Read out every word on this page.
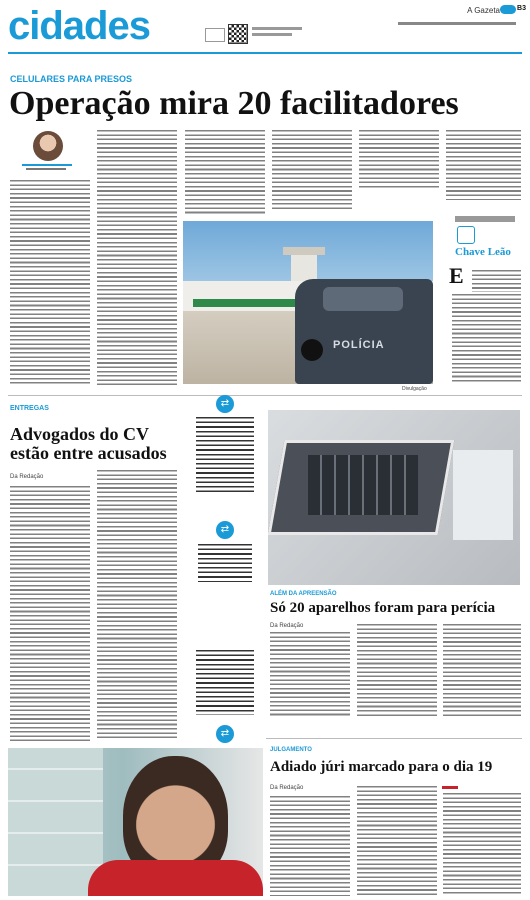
cidades	A Gazeta B3
CELULARES PARA PRESOS
Operação mira 20 facilitadores
POLÍCIA
Divulgação
Chave Leão
E
ENTREGAS
Advogados do CV estão entre acusados
Da Redação
⇄
⇄
⇄
ALÉM DA APREENSÃO
Só 20 aparelhos foram para perícia
Da Redação
JULGAMENTO
Adiado júri marcado para o dia 19
Da Redação
